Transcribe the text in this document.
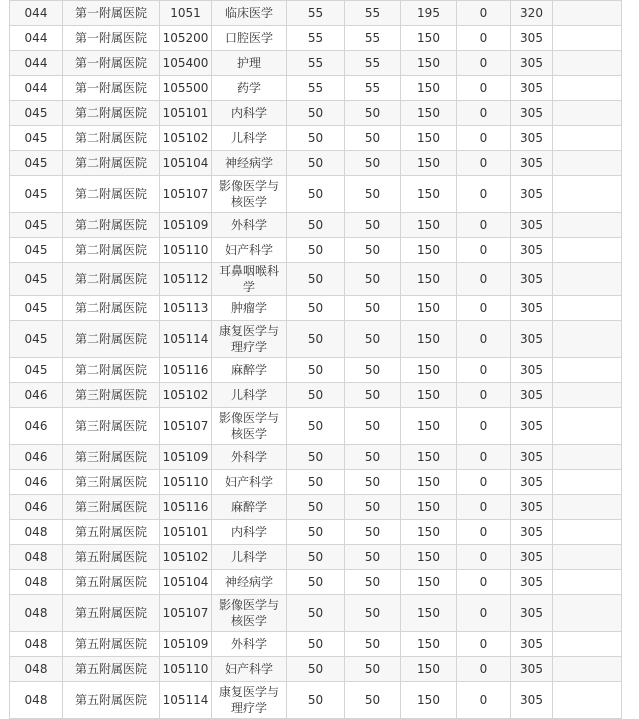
044	第一附属医院	1051	临床医学	55	55	195	0	320	
044	第一附属医院	105200	口腔医学	55	55	150	0	305	
044	第一附属医院	105400	护理	55	55	150	0	305	
044	第一附属医院	105500	药学	55	55	150	0	305	
045	第二附属医院	105101	内科学	50	50	150	0	305	
045	第二附属医院	105102	儿科学	50	50	150	0	305	
045	第二附属医院	105104	神经病学	50	50	150	0	305	
045	第二附属医院	105107	影像医学与核医学	50	50	150	0	305	
045	第二附属医院	105109	外科学	50	50	150	0	305	
045	第二附属医院	105110	妇产科学	50	50	150	0	305	
045	第二附属医院	105112	耳鼻咽喉科学	50	50	150	0	305	
045	第二附属医院	105113	肿瘤学	50	50	150	0	305	
045	第二附属医院	105114	康复医学与理疗学	50	50	150	0	305	
045	第二附属医院	105116	麻醉学	50	50	150	0	305	
046	第三附属医院	105102	儿科学	50	50	150	0	305	
046	第三附属医院	105107	影像医学与核医学	50	50	150	0	305	
046	第三附属医院	105109	外科学	50	50	150	0	305	
046	第三附属医院	105110	妇产科学	50	50	150	0	305	
046	第三附属医院	105116	麻醉学	50	50	150	0	305	
048	第五附属医院	105101	内科学	50	50	150	0	305	
048	第五附属医院	105102	儿科学	50	50	150	0	305	
048	第五附属医院	105104	神经病学	50	50	150	0	305	
048	第五附属医院	105107	影像医学与核医学	50	50	150	0	305	
048	第五附属医院	105109	外科学	50	50	150	0	305	
048	第五附属医院	105110	妇产科学	50	50	150	0	305	
048	第五附属医院	105114	康复医学与理疗学	50	50	150	0	305	
